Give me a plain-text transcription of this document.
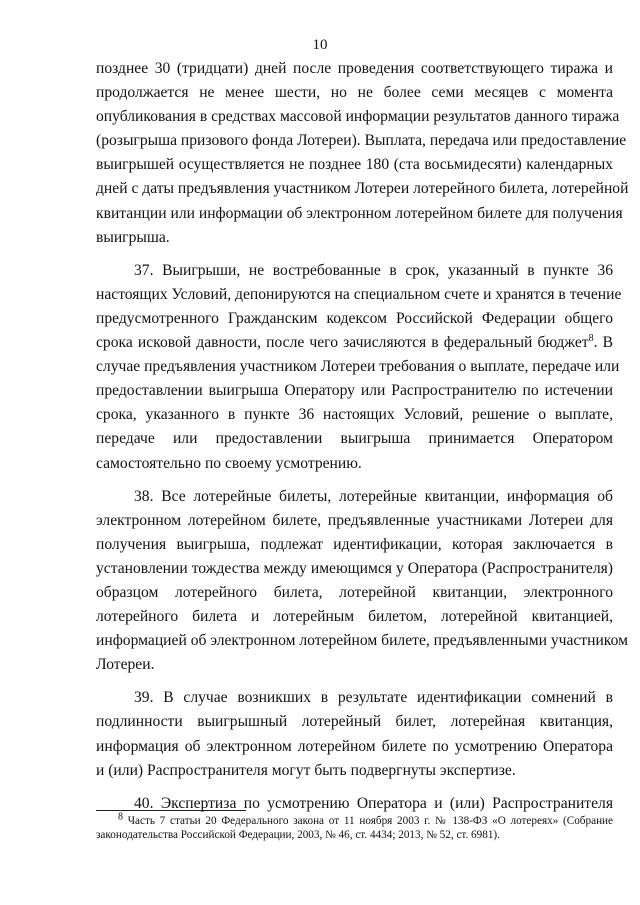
10

позднее 30 (тридцати) дней после проведения соответствующего тиража и
продолжается не менее шести, но не более семи месяцев с момента
опубликования в средствах массовой информации результатов данного тиража
(розыгрыша призового фонда Лотереи). Выплата, передача или предоставление
выигрышей осуществляется не позднее 180 (ста восьмидесяти) календарных
дней с даты предъявления участником Лотереи лотерейного билета, лотерейной
квитанции или информации об электронном лотерейном билете для получения
выигрыша.

37. Выигрыши, не востребованные в срок, указанный в пункте 36
настоящих Условий, депонируются на специальном счете и хранятся в течение
предусмотренного Гражданским кодексом Российской Федерации общего
срока исковой давности, после чего зачисляются в федеральный бюджет$^8$. В
случае предъявления участником Лотереи требования о выплате, передаче или
предоставлении выигрыша Оператору или Распространителю по истечении
срока, указанного в пункте 36 настоящих Условий, решение о выплате,
передаче или предоставлении выигрыша принимается Оператором
самостоятельно по своему усмотрению.

38. Все лотерейные билеты, лотерейные квитанции, информация об
электронном лотерейном билете, предъявленные участниками Лотереи для
получения выигрыша, подлежат идентификации, которая заключается в
установлении тождества между имеющимся у Оператора (Распространителя)
образцом лотерейного билета, лотерейной квитанции, электронного
лотерейного билета и лотерейным билетом, лотерейной квитанцией,
информацией об электронном лотерейном билете, предъявленными участником
Лотереи.

39. В случае возникших в результате идентификации сомнений в
подлинности выигрышный лотерейный билет, лотерейная квитанция,
информация об электронном лотерейном билете по усмотрению Оператора
и (или) Распространителя могут быть подвергнуты экспертизе.

40. Экспертиза по усмотрению Оператора и (или) Распространителя

$^8$ Часть 7 статьи 20 Федерального закона от 11 ноября 2003 г. № 138-ФЗ «О лотереях» (Собрание
законодательства Российской Федерации, 2003, № 46, ст. 4434; 2013, № 52, ст. 6981).
